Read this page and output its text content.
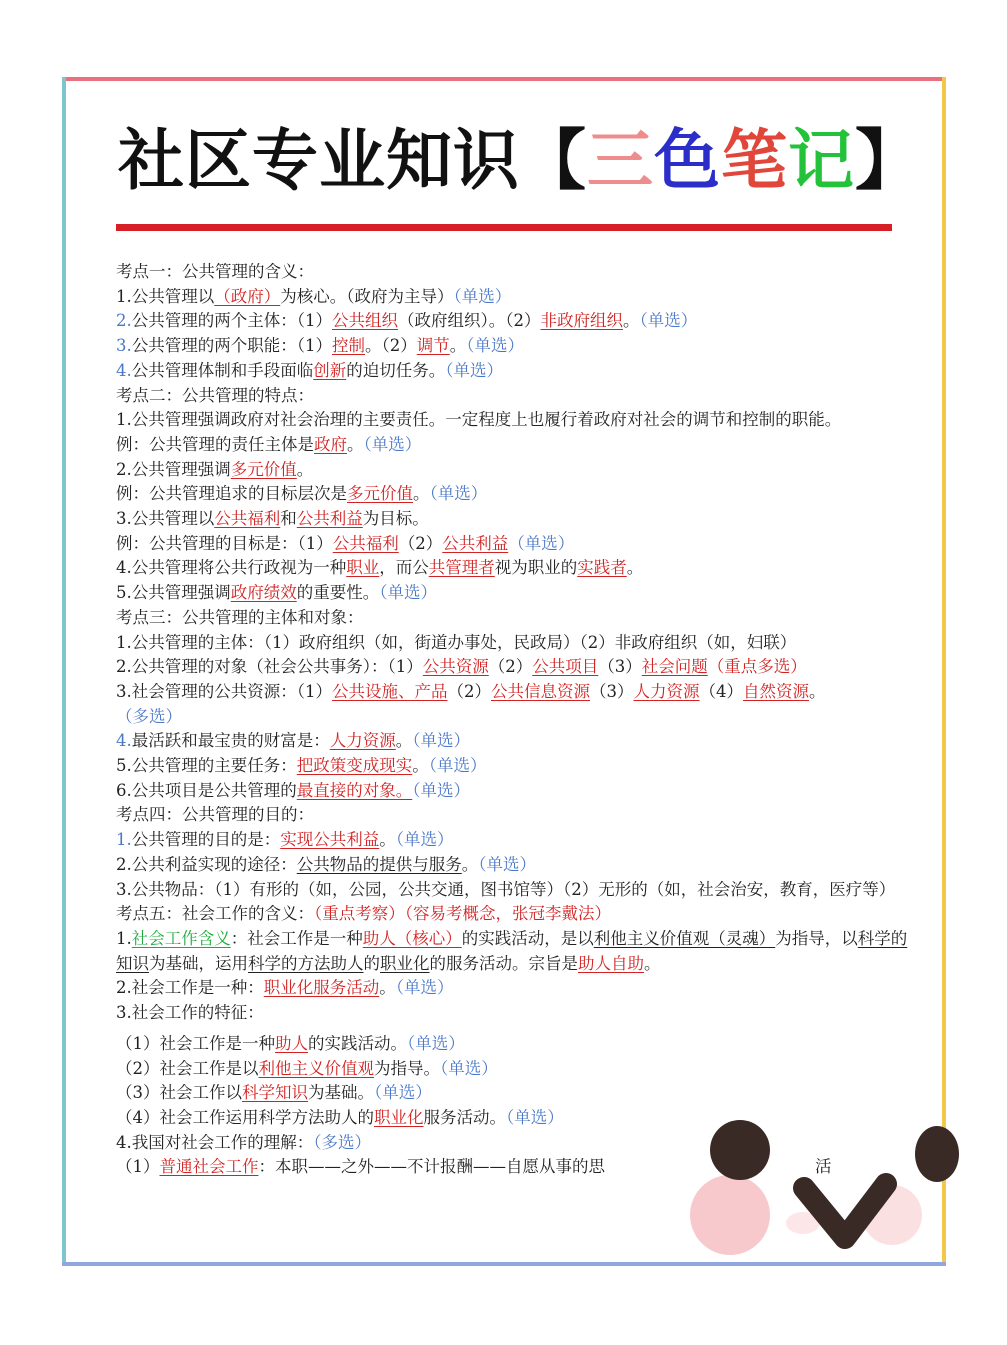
社区专业知识【三色笔记】
考点一：公共管理的含义：
1.公共管理以（政府）为核心。（政府为主导）（单选）
2.公共管理的两个主体：（1）公共组织（政府组织）。（2）非政府组织。（单选）
3.公共管理的两个职能：（1）控制。（2）调节。（单选）
4.公共管理体制和手段面临创新的迫切任务。（单选）
考点二：公共管理的特点：
1.公共管理强调政府对社会治理的主要责任。一定程度上也履行着政府对社会的调节和控制的职能。
例：公共管理的责任主体是政府。（单选）
2.公共管理强调多元价值。
例：公共管理追求的目标层次是多元价值。（单选）
3.公共管理以公共福利和公共利益为目标。
例：公共管理的目标是：（1）公共福利（2）公共利益（单选）
4.公共管理将公共行政视为一种职业，而公共管理者视为职业的实践者。
5.公共管理强调政府绩效的重要性。（单选）
考点三：公共管理的主体和对象：
1.公共管理的主体：（1）政府组织（如，街道办事处，民政局）（2）非政府组织（如，妇联）
2.公共管理的对象（社会公共事务）：（1）公共资源（2）公共项目（3）社会问题（重点多选）
3.社会管理的公共资源：（1）公共设施、产品（2）公共信息资源（3）人力资源（4）自然资源。
（多选）
4.最活跃和最宝贵的财富是：人力资源。（单选）
5.公共管理的主要任务：把政策变成现实。（单选）
6.公共项目是公共管理的最直接的对象。（单选）
考点四：公共管理的目的：
1.公共管理的目的是：实现公共利益。（单选）
2.公共利益实现的途径：公共物品的提供与服务。（单选）
3.公共物品：（1）有形的（如，公园，公共交通，图书馆等）（2）无形的（如，社会治安，教育，医疗等）
考点五：社会工作的含义：（重点考察）（容易考概念，张冠李戴法）
1.社会工作含义：社会工作是一种助人（核心）的实践活动，是以利他主义价值观（灵魂）为指导，以科学的知识为基础，运用科学的方法助人的职业化的服务活动。宗旨是助人自助。
2.社会工作是一种：职业化服务活动。（单选）
3.社会工作的特征：
（1）社会工作是一种助人的实践活动。（单选）
（2）社会工作是以利他主义价值观为指导。（单选）
（3）社会工作以科学知识为基础。（单选）
（4）社会工作运用科学方法助人的职业化服务活动。（单选）
4.我国对社会工作的理解：（多选）
（1）普通社会工作：本职——之外——不计报酬——自愿从事的思	活
